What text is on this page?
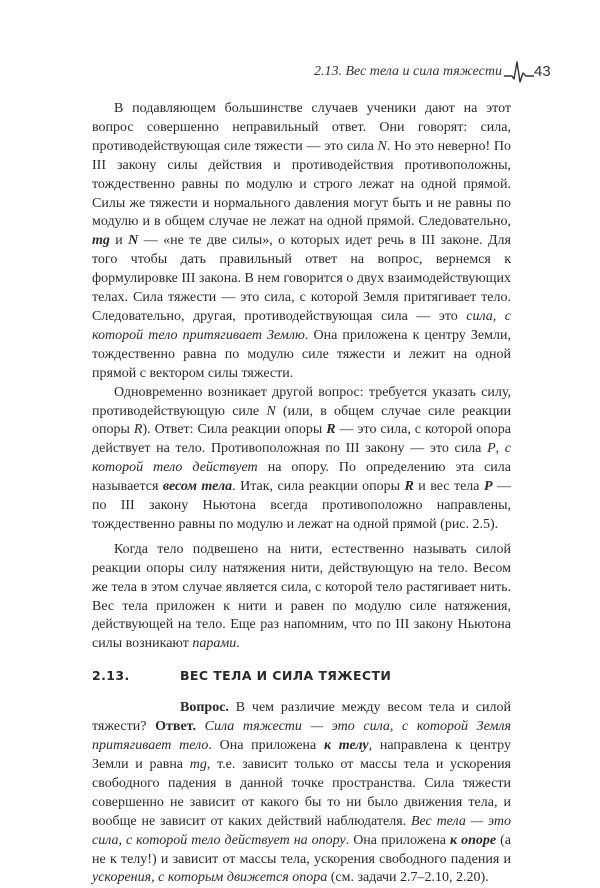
2.13. Вес тела и сила тяжести 43

В подавляющем большинстве случаев ученики дают на этот вопрос совершенно неправильный ответ. Они говорят: сила, противодействующая силе тяжести — это сила N. Но это неверно! По III закону силы действия и противодействия противоположны, тождественно равны по модулю и строго лежат на одной прямой. Силы же тяжести и нормального давления могут быть и не равны по модулю и в общем случае не лежат на одной прямой. Следовательно, mg и N — «не те две силы», о которых идет речь в III законе. Для того чтобы дать правильный ответ на вопрос, вернемся к формулировке III закона. В нем говорится о двух взаимодействующих телах. Сила тяжести — это сила, с которой Земля притягивает тело. Следовательно, другая, противодействующая сила — это сила, с которой тело притягивает Землю. Она приложена к центру Земли, тождественно равна по модулю силе тяжести и лежит на одной прямой с вектором силы тяжести.

Одновременно возникает другой вопрос: требуется указать силу, противодействующую силе N (или, в общем случае силе реакции опоры R). Ответ: Сила реакции опоры R — это сила, с которой опора действует на тело. Противоположная по III закону — это сила P, с которой тело действует на опору. По определению эта сила называется весом тела. Итак, сила реакции опоры R и вес тела P — по III закону Ньютона всегда противоположно направлены, тождественно равны по модулю и лежат на одной прямой (рис. 2.5).

Когда тело подвешено на нити, естественно называть силой реакции опоры силу натяжения нити, действующую на тело. Весом же тела в этом случае является сила, с которой тело растягивает нить. Вес тела приложен к нити и равен по модулю силе натяжения, действующей на тело. Еще раз напомним, что по III закону Ньютона силы возникают парами.

2.13.	ВЕС ТЕЛА И СИЛА ТЯЖЕСТИ

Вопрос. В чем различие между весом тела и силой тяжести? Ответ. Сила тяжести — это сила, с которой Земля притягивает тело. Она приложена к телу, направлена к центру Земли и равна mg, т.е. зависит только от массы тела и ускорения свободного падения в данной точке пространства. Сила тяжести совершенно не зависит от какого бы то ни было движения тела, и вообще не зависит от каких действий наблюдателя. Вес тела — это сила, с которой тело действует на опору. Она приложена к опоре (а не к телу!) и зависит от массы тела, ускорения свободного падения и ускорения, с которым движется опора (см. задачи 2.7–2.10, 2.20).
